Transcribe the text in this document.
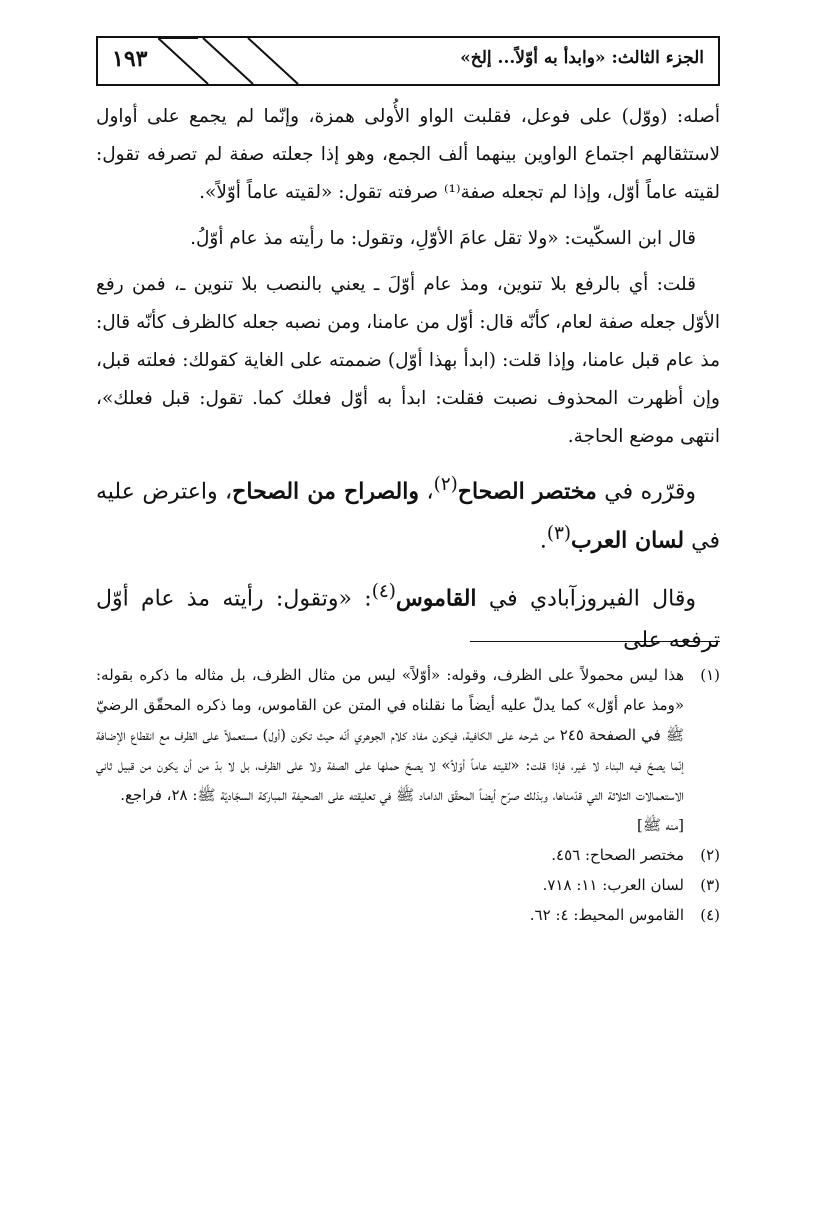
١٩٣	الجزء الثالث: «وابدأ به أوّلاً... إلخ»

أصله: (ووّل) على فوعل، فقلبت الواو الأُولى همزة، وإنّما لم يجمع على أواول لاستثقالهم اجتماع الواوين بينهما ألف الجمع، وهو إذا جعلته صفة لم تصرفه تقول: لقيته عاماً أوّل، وإذا لم تجعله صفة⁽¹⁾ صرفته تقول: «لقيته عاماً أوّلاً».

قال ابن السكّيت: «ولا تقل عامَ الأوّلِ، وتقول: ما رأيته مذ عام أوّلُ.

قلت: أي بالرفع بلا تنوين، ومذ عام أوّلَ ـ يعني بالنصب بلا تنوين ـ، فمن رفع الأوّل جعله صفة لعام، كأنّه قال: أوّل من عامنا، ومن نصبه جعله كالظرف كأنّه قال: مذ عام قبل عامنا، وإذا قلت: (ابدأ بهذا أوّل) ضممته على الغاية كقولك: فعلته قبل، وإن أظهرت المحذوف نصبت فقلت: ابدأ به أوّل فعلك كما. تقول: قبل فعلك»، انتهى موضع الحاجة.

وقرّره في مختصر الصحاح$^{(٢)}$، والصراح من الصحاح، واعترض عليه في لسان العرب$^{(٣)}$.

وقال الفيروزآبادي في القاموس$^{(٤)}$: «وتقول: رأيته مذ عام أوّل ترفعه على

(١)
هذا ليس محمولاً على الظرف، وقوله: «أوّلاً» ليس من مثال الظرف، بل مثاله ما ذكره بقوله: «ومذ عام أوّل» كما يدلّ عليه أيضاً ما نقلناه في المتن عن القاموس، وما ذكره المحقّق الرضيّ ﷺ في الصفحة ٢٤٥ من شرحه على الكافية، فيكون مفاد كلام الجوهري أنّه حيث تكون (أول) مستعملاً على الظرف مع انقطاع الإضافة إنّما يصحّ فيه البناء لا غير، فإذا قلت: «لقيته عاماً أوّلاً» لا يصحّ حملها على الصفة ولا على الظرف، بل لا بدّ من أن يكون من قبيل ثاني الاستعمالات الثلاثة التي قدّمناها، وبذلك صرّح أيضاً المحقّق الداماد ﷺ في تعليقته على الصحيفة المباركة السجّاديّة ﷺ: ٢٨، فراجع.
[منه ﷺ]
(٢)
مختصر الصحاح: ٤٥٦.
(٣)
لسان العرب: ١١: ٧١٨.
(٤)
القاموس المحيط: ٤: ٦٢.
